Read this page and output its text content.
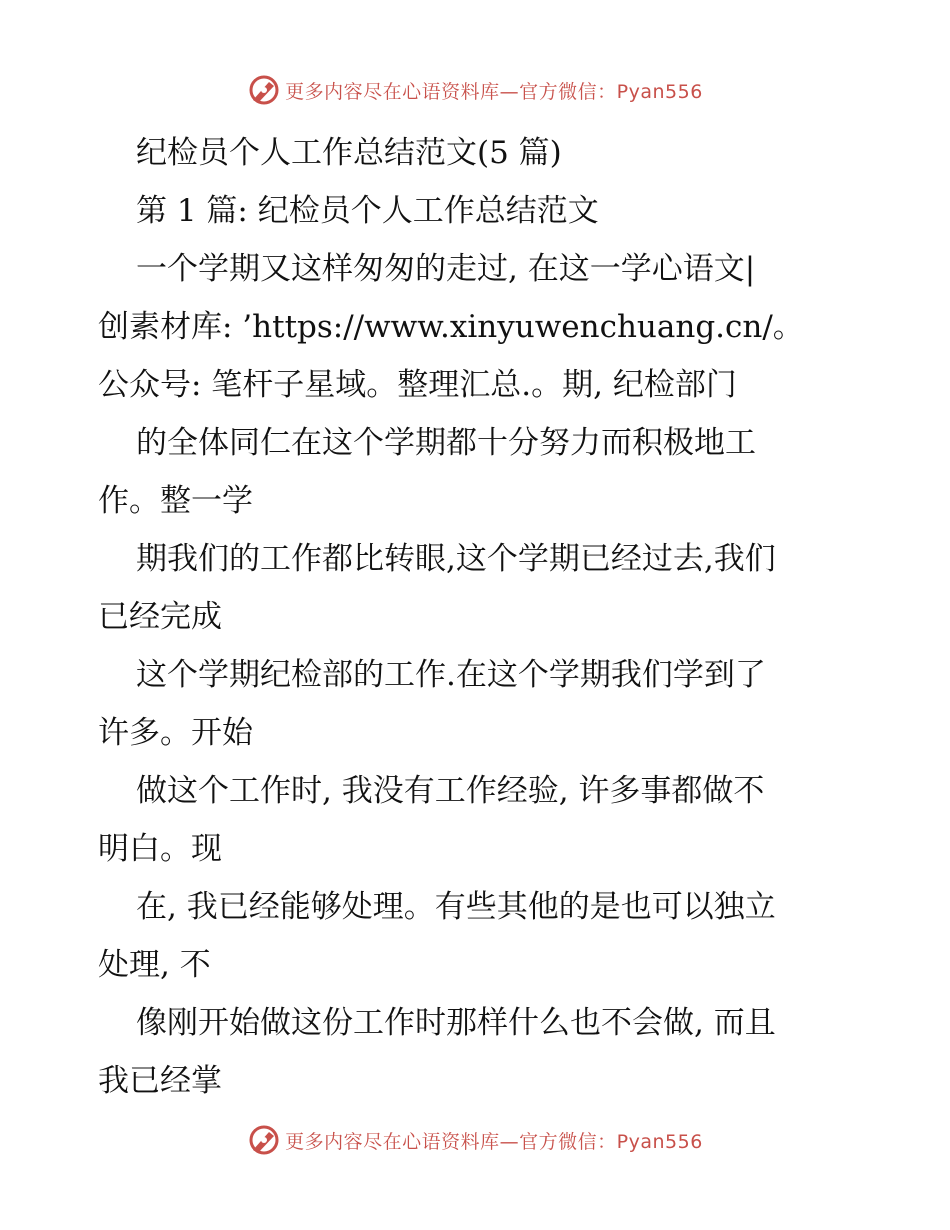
更多内容尽在心语资料库—官方微信：Pyan556
纪检员个人工作总结范文(5 篇)
第 1 篇: 纪检员个人工作总结范文
一个学期又这样匆匆的走过, 在这一学心语文|
创素材库: ’https://www.xinyuwenchuang.cn/。
公众号: 笔杆子星域。整理汇总.。期, 纪检部门
的全体同仁在这个学期都十分努力而积极地工
作。整一学
期我们的工作都比转眼,这个学期已经过去,我们
已经完成
这个学期纪检部的工作.在这个学期我们学到了
许多。开始
做这个工作时, 我没有工作经验, 许多事都做不
明白。现
在, 我已经能够处理。有些其他的是也可以独立
处理, 不
像刚开始做这份工作时那样什么也不会做, 而且
我已经掌
更多内容尽在心语资料库—官方微信：Pyan556
